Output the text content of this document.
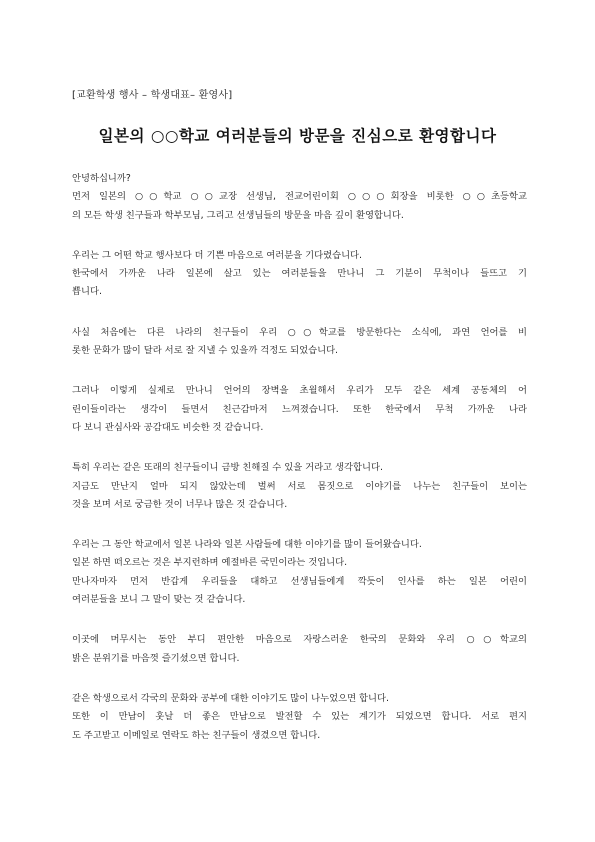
[교환학생 행사 – 학생대표– 환영사]
일본의 ○○학교 여러분들의 방문을 진심으로 환영합니다
안녕하십니까?
먼저 일본의 ○○학교 ○○교장 선생님, 전교어린이회 ○○○회장을 비롯한 ○○초등학교
의 모든 학생 친구들과 학부모님, 그리고 선생님들의 방문을 마음 깊이 환영합니다.
우리는 그 어떤 학교 행사보다 더 기쁜 마음으로 여러분을 기다렸습니다.
한국에서 가까운 나라 일본에 살고 있는 여러분들을 만나니 그 기분이 무척이나 들뜨고 기
쁩니다.
사실 처음에는 다른 나라의 친구들이 우리 ○○학교를 방문한다는 소식에, 과연 언어를 비
롯한 문화가 많이 달라 서로 잘 지낼 수 있을까 걱정도 되었습니다.
그러나 이렇게 실제로 만나니 언어의 장벽을 초월해서 우리가 모두 같은 세계 공동체의 어
린이들이라는 생각이 들면서 친근감마저 느껴졌습니다. 또한 한국에서 무척 가까운 나라
다 보니 관심사와 공감대도 비슷한 것 같습니다.
특히 우리는 같은 또래의 친구들이니 금방 친해질 수 있을 거라고 생각합니다.
지금도 만난지 얼마 되지 않았는데 벌써 서로 몸짓으로 이야기를 나누는 친구들이 보이는
것을 보며 서로 궁금한 것이 너무나 많은 것 같습니다.
우리는 그 동안 학교에서 일본 나라와 일본 사람들에 대한 이야기를 많이 들어왔습니다.
일본 하면 떠오르는 것은 부지런하며 예절바른 국민이라는 것입니다.
만나자마자 먼저 반갑게 우리들을 대하고 선생님들에게 깍듯이 인사를 하는 일본 어린이
여러분들을 보니 그 말이 맞는 것 같습니다.
이곳에 머무시는 동안 부디 편안한 마음으로 자랑스러운 한국의 문화와 우리 ○○학교의
밝은 분위기를 마음껏 즐기셨으면 합니다.
같은 학생으로서 각국의 문화와 공부에 대한 이야기도 많이 나누었으면 합니다.
또한 이 만남이 훗날 더 좋은 만남으로 발전할 수 있는 계기가 되었으면 합니다. 서로 편지
도 주고받고 이메일로 연락도 하는 친구들이 생겼으면 합니다.
